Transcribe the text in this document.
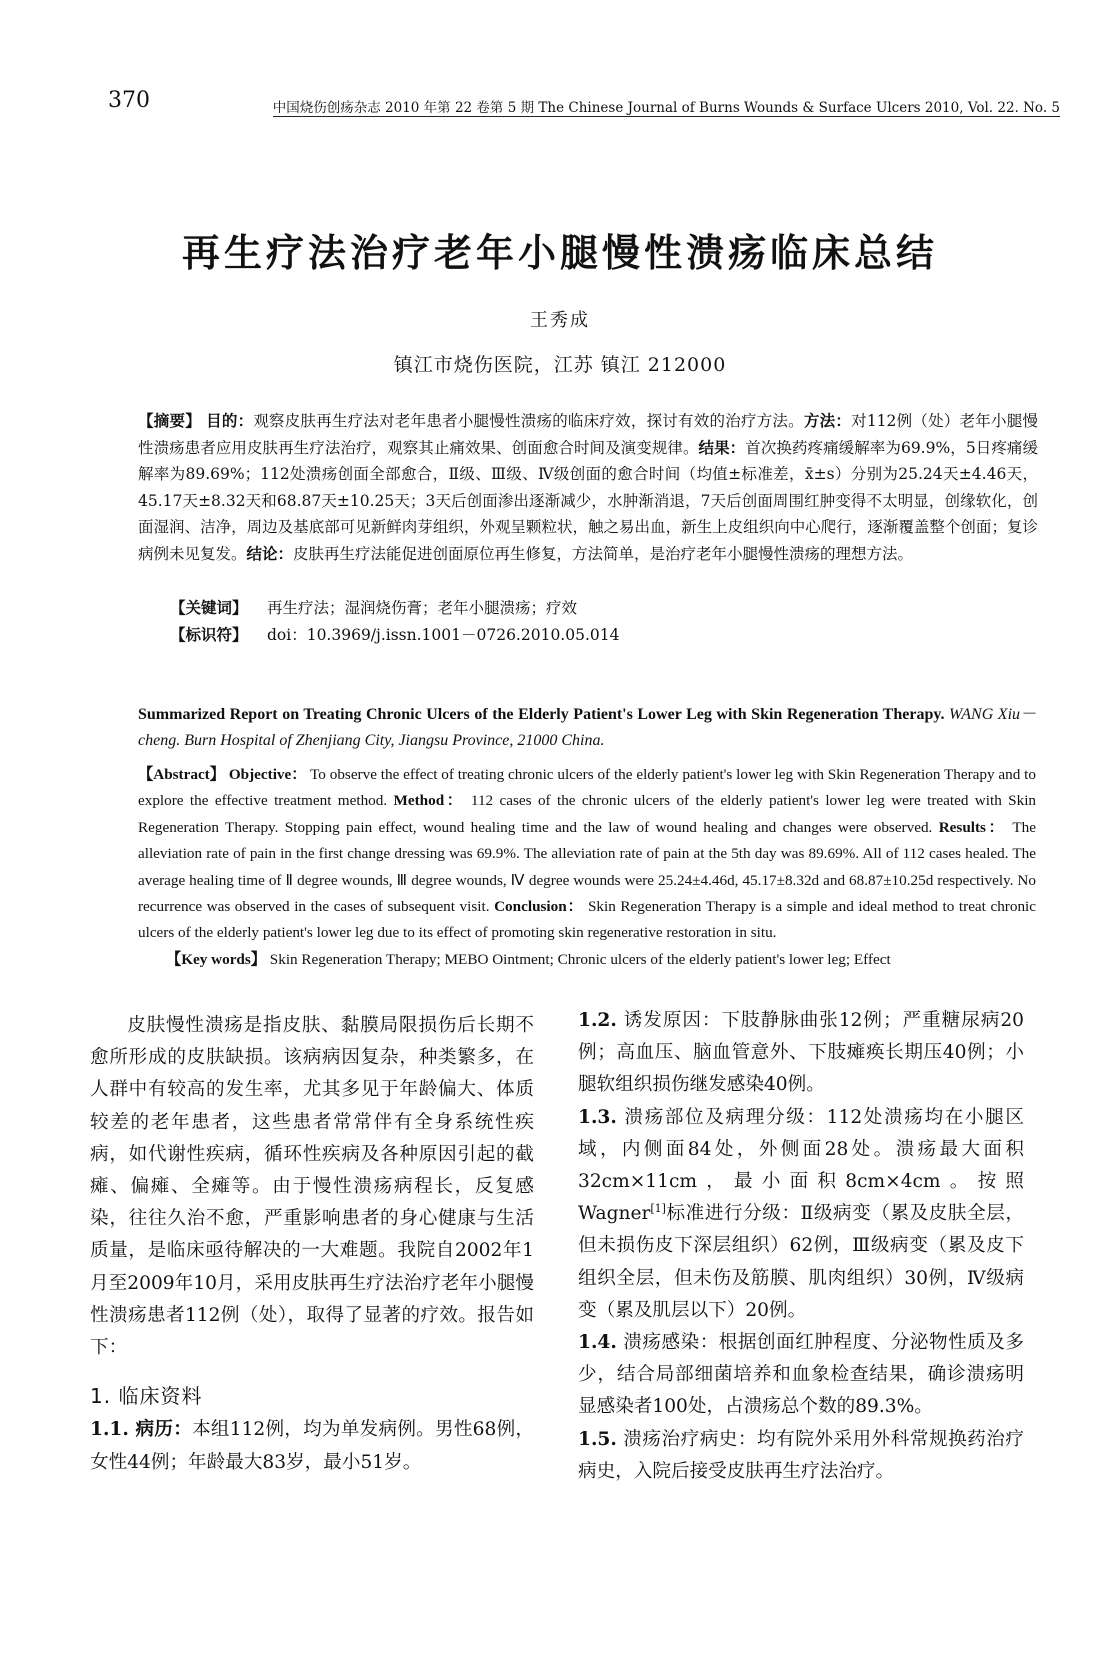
370	中国烧伤创疡杂志 2010 年第 22 卷第 5 期 The Chinese Journal of Burns Wounds & Surface Ulcers 2010, Vol. 22. No. 5
再生疗法治疗老年小腿慢性溃疡临床总结
王秀成
镇江市烧伤医院，江苏 镇江 212000
【摘要】 目的：观察皮肤再生疗法对老年患者小腿慢性溃疡的临床疗效，探讨有效的治疗方法。方法：对112例（处）老年小腿慢性溃疡患者应用皮肤再生疗法治疗，观察其止痛效果、创面愈合时间及演变规律。结果：首次换药疼痛缓解率为69.9%，5日疼痛缓解率为89.69%；112处溃疡创面全部愈合，Ⅱ级、Ⅲ级、Ⅳ级创面的愈合时间（均值±标准差，x̄±s）分别为25.24天±4.46天，45.17天±8.32天和68.87天±10.25天；3天后创面渗出逐渐减少，水肿渐消退，7天后创面周围红肿变得不太明显，创缘软化，创面湿润、洁净，周边及基底部可见新鲜肉芽组织，外观呈颗粒状，触之易出血，新生上皮组织向中心爬行，逐渐覆盖整个创面；复诊病例未见复发。结论：皮肤再生疗法能促进创面原位再生修复，方法简单，是治疗老年小腿慢性溃疡的理想方法。
【关键词】 再生疗法；湿润烧伤膏；老年小腿溃疡；疗效
【标识符】 doi：10.3969/j.issn.1001－0726.2010.05.014
Summarized Report on Treating Chronic Ulcers of the Elderly Patient's Lower Leg with Skin Regeneration Therapy. WANG Xiu－cheng. Burn Hospital of Zhenjiang City, Jiangsu Province, 21000 China.
【Abstract】 Objective： To observe the effect of treating chronic ulcers of the elderly patient's lower leg with Skin Regeneration Therapy and to explore the effective treatment method. Method： 112 cases of the chronic ulcers of the elderly patient's lower leg were treated with Skin Regeneration Therapy. Stopping pain effect, wound healing time and the law of wound healing and changes were observed. Results： The alleviation rate of pain in the first change dressing was 69.9%. The alleviation rate of pain at the 5th day was 89.69%. All of 112 cases healed. The average healing time of Ⅱ degree wounds, Ⅲ degree wounds, Ⅳ degree wounds were 25.24±4.46d, 45.17±8.32d and 68.87±10.25d respectively. No recurrence was observed in the cases of subsequent visit. Conclusion： Skin Regeneration Therapy is a simple and ideal method to treat chronic ulcers of the elderly patient's lower leg due to its effect of promoting skin regenerative restoration in situ.
【Key words】 Skin Regeneration Therapy; MEBO Ointment; Chronic ulcers of the elderly patient's lower leg; Effect

皮肤慢性溃疡是指皮肤、黏膜局限损伤后长期不愈所形成的皮肤缺损。该病病因复杂，种类繁多，在人群中有较高的发生率，尤其多见于年龄偏大、体质较差的老年患者，这些患者常常伴有全身系统性疾病，如代谢性疾病，循环性疾病及各种原因引起的截瘫、偏瘫、全瘫等。由于慢性溃疡病程长，反复感染，往往久治不愈，严重影响患者的身心健康与生活质量，是临床亟待解决的一大难题。我院自2002年1月至2009年10月，采用皮肤再生疗法治疗老年小腿慢性溃疡患者112例（处），取得了显著的疗效。报告如下：

1. 临床资料

1.1. 病历：本组112例，均为单发病例。男性68例，女性44例；年龄最大83岁，最小51岁。

1.2. 诱发原因：下肢静脉曲张12例；严重糖尿病20例；高血压、脑血管意外、下肢瘫痪长期压40例；小腿软组织损伤继发感染40例。

1.3. 溃疡部位及病理分级：112处溃疡均在小腿区域，内侧面84处，外侧面28处。溃疡最大面积32cm×11cm，最小面积8cm×4cm。按照Wagner[1]标准进行分级：Ⅱ级病变（累及皮肤全层，但未损伤皮下深层组织）62例，Ⅲ级病变（累及皮下组织全层，但未伤及筋膜、肌肉组织）30例，Ⅳ级病变（累及肌层以下）20例。

1.4. 溃疡感染：根据创面红肿程度、分泌物性质及多少，结合局部细菌培养和血象检查结果，确诊溃疡明显感染者100处，占溃疡总个数的89.3%。

1.5. 溃疡治疗病史：均有院外采用外科常规换药治疗病史，入院后接受皮肤再生疗法治疗。
